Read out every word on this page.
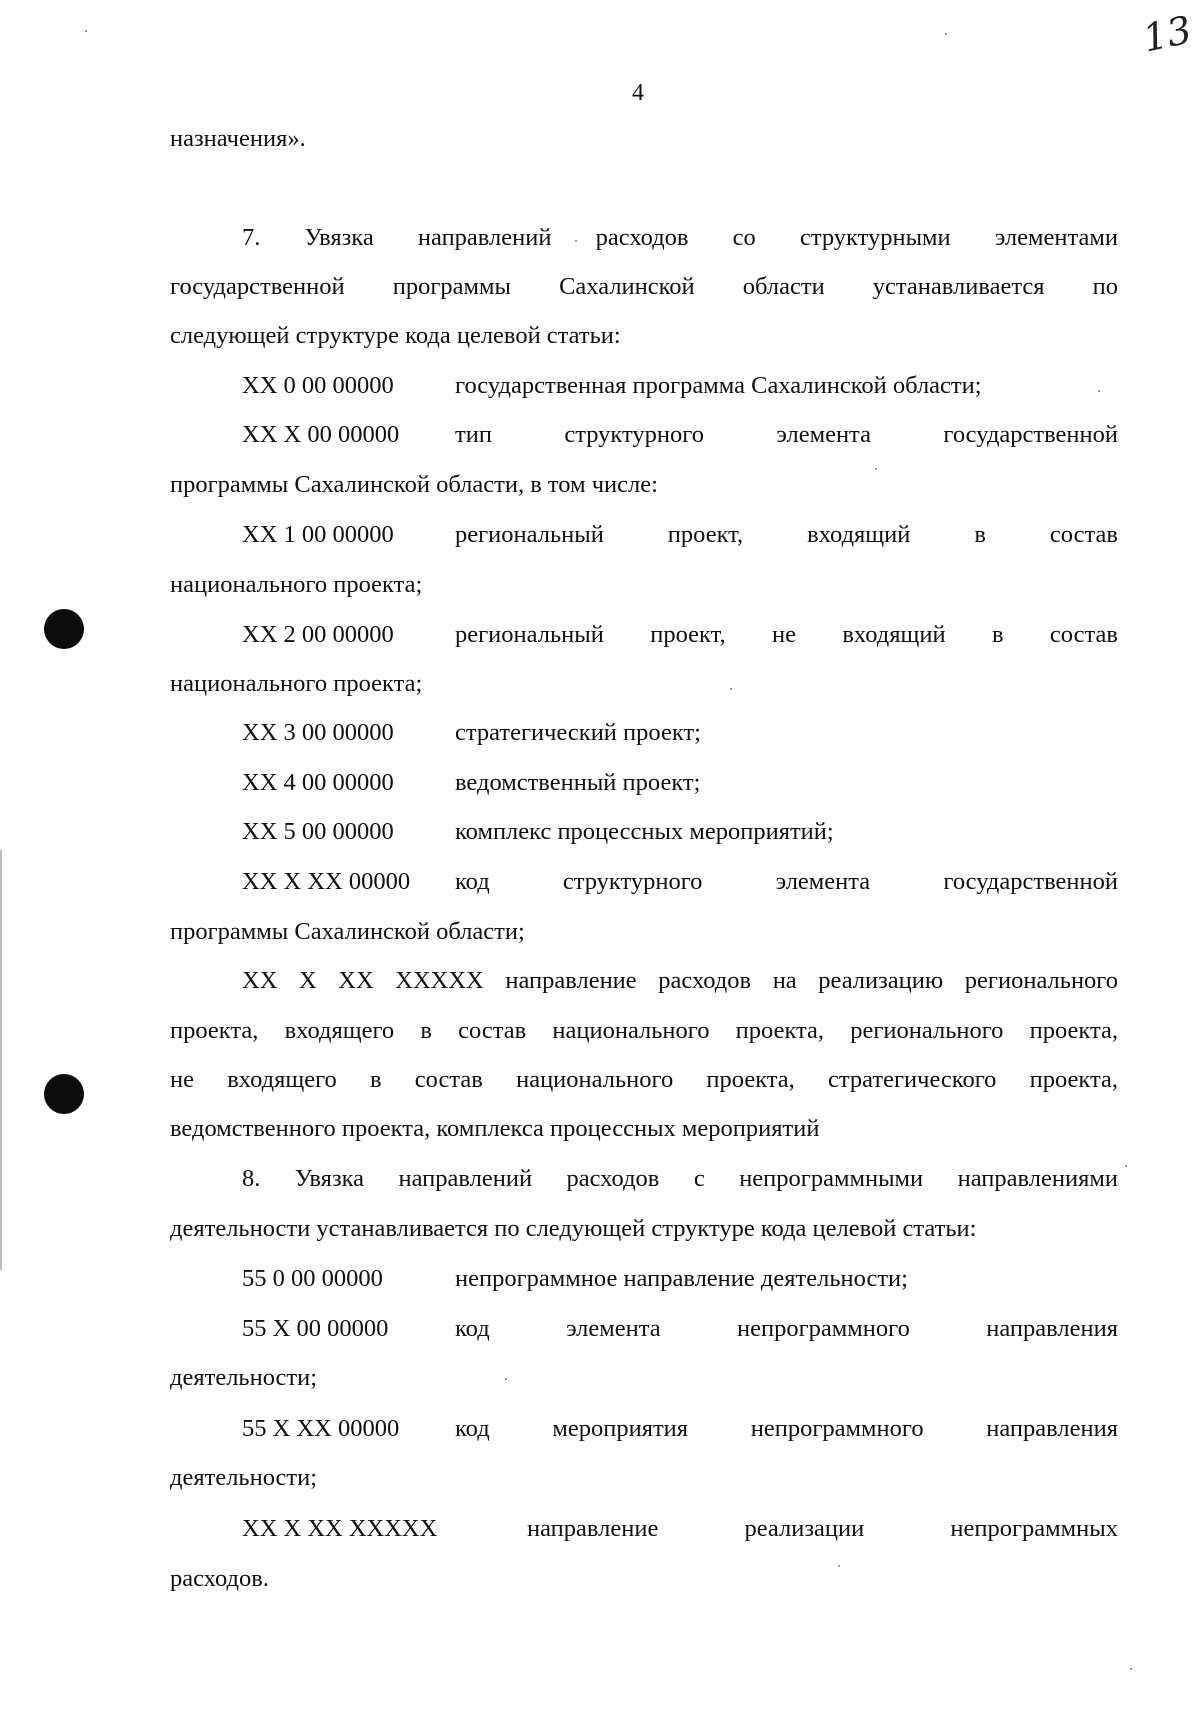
13
4
назначения».
7. Увязка направлений расходов со структурными элементами
государственной программы Сахалинской области устанавливается по
следующей структуре кода целевой статьи:
XX 0 00 00000 государственная программа Сахалинской области;
XX X 00 00000 тип структурного элемента государственной
программы Сахалинской области, в том числе:
XX 1 00 00000 региональный проект, входящий в состав
национального проекта;
XX 2 00 00000 региональный проект, не входящий в состав
национального проекта;
XX 3 00 00000 стратегический проект;
XX 4 00 00000 ведомственный проект;
XX 5 00 00000 комплекс процессных мероприятий;
XX X XX 00000 код структурного элемента государственной
программы Сахалинской области;
XX X XX XXXXX направление расходов на реализацию регионального
проекта, входящего в состав национального проекта, регионального проекта,
не входящего в состав национального проекта, стратегического проекта,
ведомственного проекта, комплекса процессных мероприятий
8. Увязка направлений расходов с непрограммными направлениями
деятельности устанавливается по следующей структуре кода целевой статьи:
55 0 00 00000	непрограммное направление деятельности;
55 X 00 00000	код элемента непрограммного направления
деятельности;
55 X XX 00000 код мероприятия непрограммного направления
деятельности;
XX X XX XXXXX	направление реализации непрограммных
расходов.
